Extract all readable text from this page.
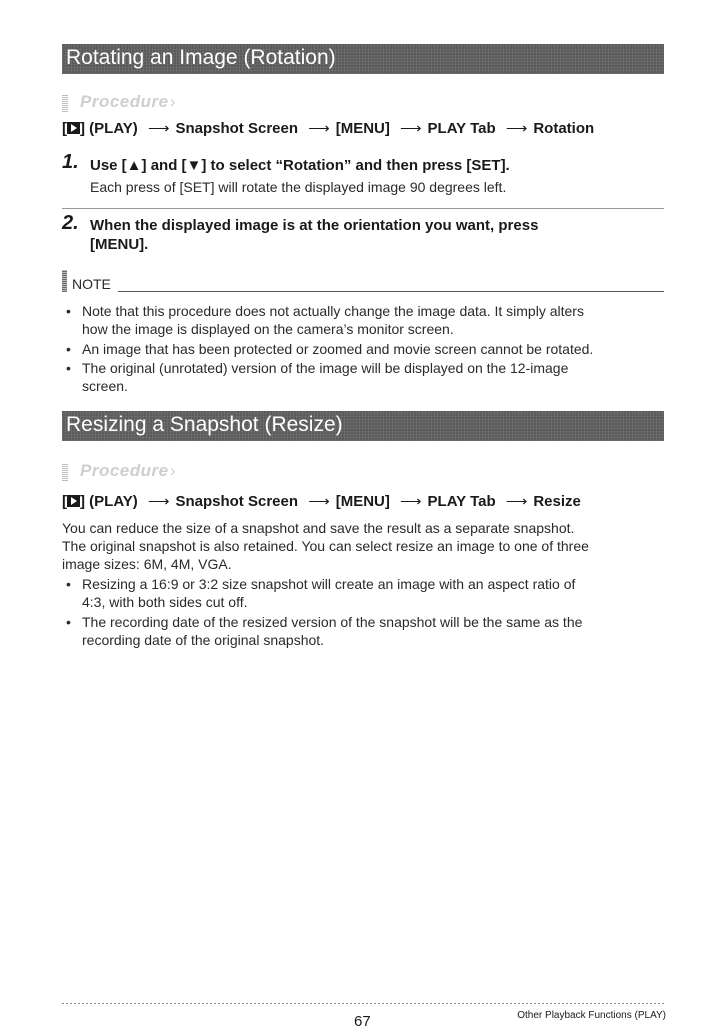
Rotating an Image (Rotation)
Procedure ›
[ ] (PLAY) ⟶ Snapshot Screen ⟶ [MENU] ⟶ PLAY Tab ⟶ Rotation
1. Use [▲] and [▼] to select “Rotation” and then press [SET].
Each press of [SET] will rotate the displayed image 90 degrees left.
2. When the displayed image is at the orientation you want, press
[MENU].
NOTE
• Note that this procedure does not actually change the image data. It simply alters
how the image is displayed on the camera’s monitor screen.
• An image that has been protected or zoomed and movie screen cannot be rotated.
• The original (unrotated) version of the image will be displayed on the 12-image
screen.
Resizing a Snapshot (Resize)
Procedure ›
[ ] (PLAY) ⟶ Snapshot Screen ⟶ [MENU] ⟶ PLAY Tab ⟶ Resize
You can reduce the size of a snapshot and save the result as a separate snapshot.
The original snapshot is also retained. You can select resize an image to one of three
image sizes: 6M, 4M, VGA.
• Resizing a 16:9 or 3:2 size snapshot will create an image with an aspect ratio of
4:3, with both sides cut off.
• The recording date of the resized version of the snapshot will be the same as the
recording date of the original snapshot.
Other Playback Functions (PLAY)
67
